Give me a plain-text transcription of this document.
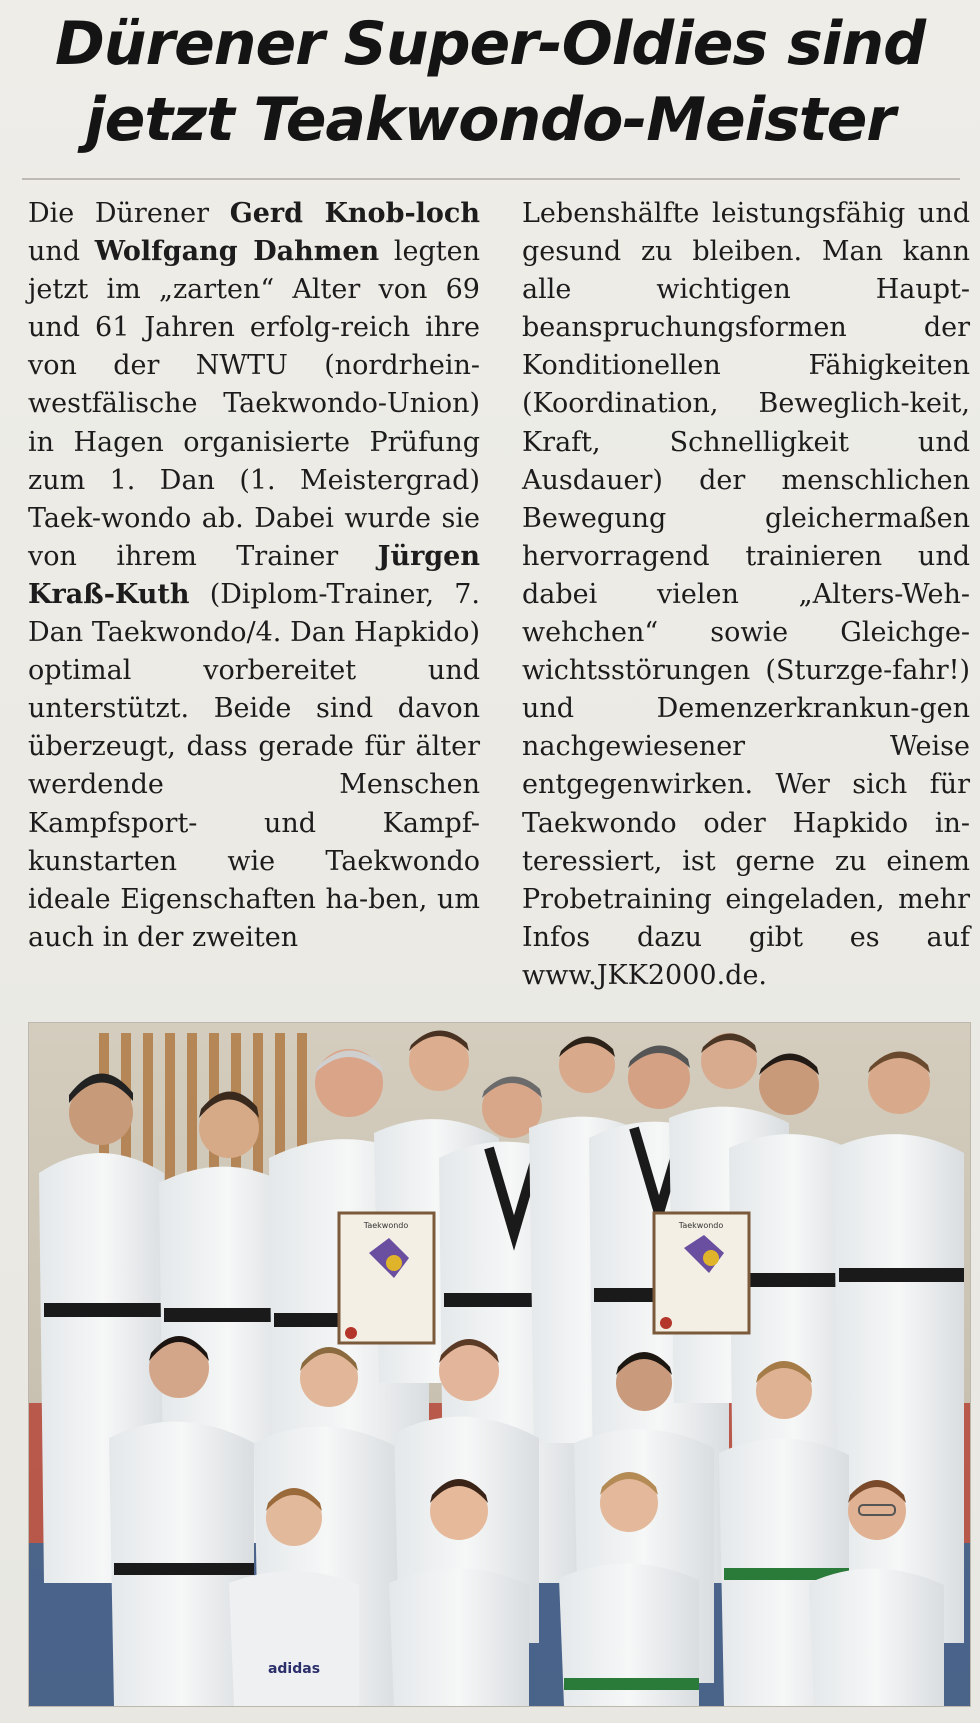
Dürener Super-Oldies sind
jetzt Teakwondo-Meister

Die Dürener Gerd Knob-loch und Wolfgang Dahmen legten jetzt im „zarten“ Alter von 69 und 61 Jahren erfolg-reich ihre von der NWTU (nordrhein-westfälische Taekwondo-Union) in Hagen organisierte Prüfung zum 1. Dan (1. Meistergrad) Taek-wondo ab. Dabei wurde sie von ihrem Trainer Jürgen Kraß-Kuth (Diplom-Trainer, 7. Dan Taekwondo/4. Dan Hapkido) optimal vorbereitet und unterstützt. Beide sind davon überzeugt, dass gerade für älter werdende Menschen Kampfsport- und Kampf-kunstarten wie Taekwondo ideale Eigenschaften ha-ben, um auch in der zweiten

Lebenshälfte leistungsfähig und gesund zu bleiben. Man kann alle wichtigen Haupt-beanspruchungsformen der Konditionellen Fähigkeiten (Koordination, Beweglich-keit, Kraft, Schnelligkeit und Ausdauer) der menschlichen Bewegung gleichermaßen hervorragend trainieren und dabei vielen „Alters-Weh-wehchen“ sowie Gleichge-wichtsstörungen (Sturzge-fahr!) und Demenzerkrankun-gen nachgewiesener Weise entgegenwirken. Wer sich für Taekwondo oder Hapkido in-teressiert, ist gerne zu einem Probetraining eingeladen, mehr Infos dazu gibt es auf www.JKK2000.de.

Taekwondo	Taekwondo
adidas
